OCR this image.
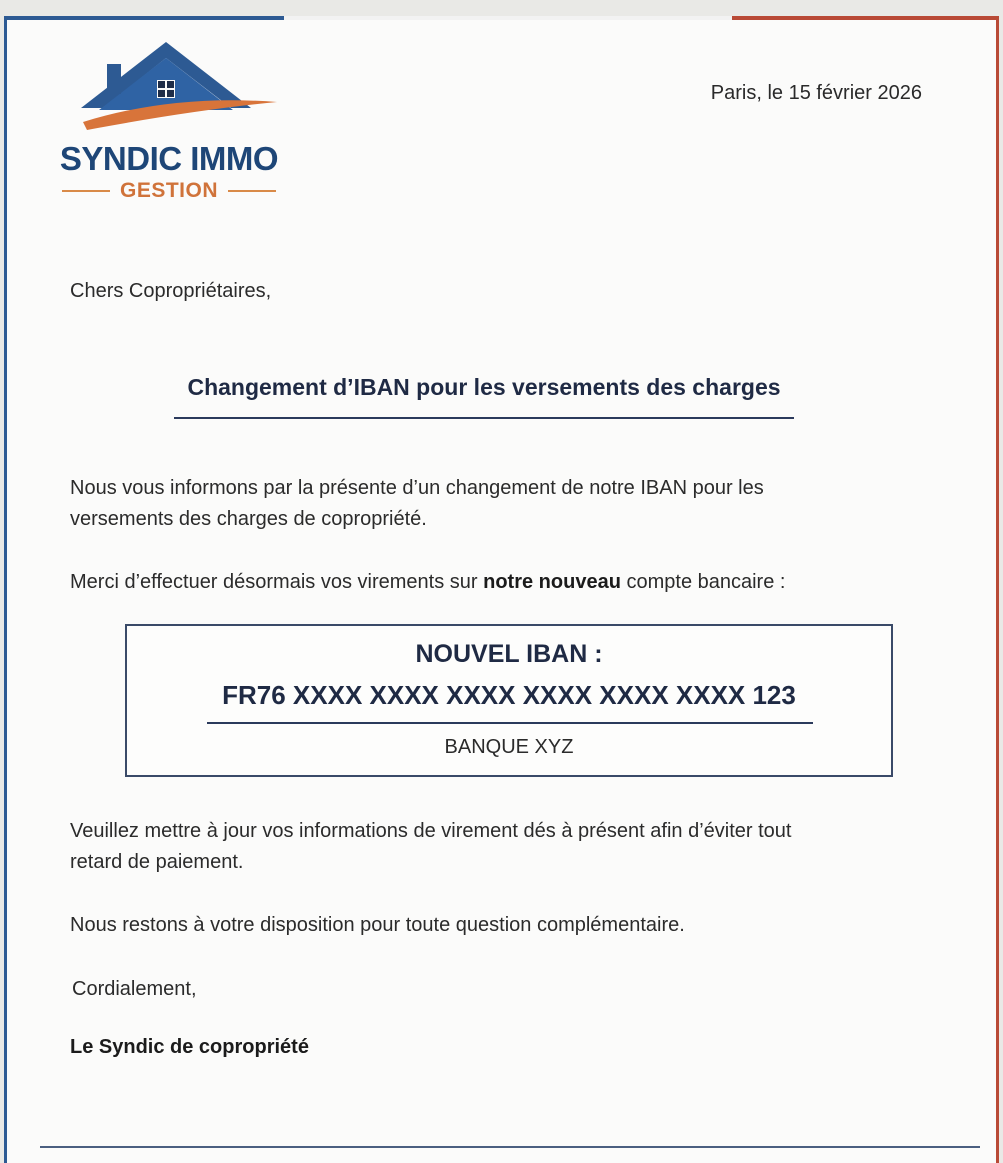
SYNDIC IMMO
GESTION
Paris, le 15 février 2026
Chers Copropriétaires,
Changement d’IBAN pour les versements des charges
Nous vous informons par la présente d’un changement de notre IBAN pour les
versements des charges de copropriété.
Merci d’effectuer désormais vos virements sur notre nouveau compte bancaire :
NOUVEL IBAN :
FR76 XXXX XXXX XXXX XXXX XXXX XXXX 123
BANQUE XYZ
Veuillez mettre à jour vos informations de virement dés à présent afin d’éviter tout
retard de paiement.
Nous restons à votre disposition pour toute question complémentaire.
Cordialement,
Le Syndic de copropriété
